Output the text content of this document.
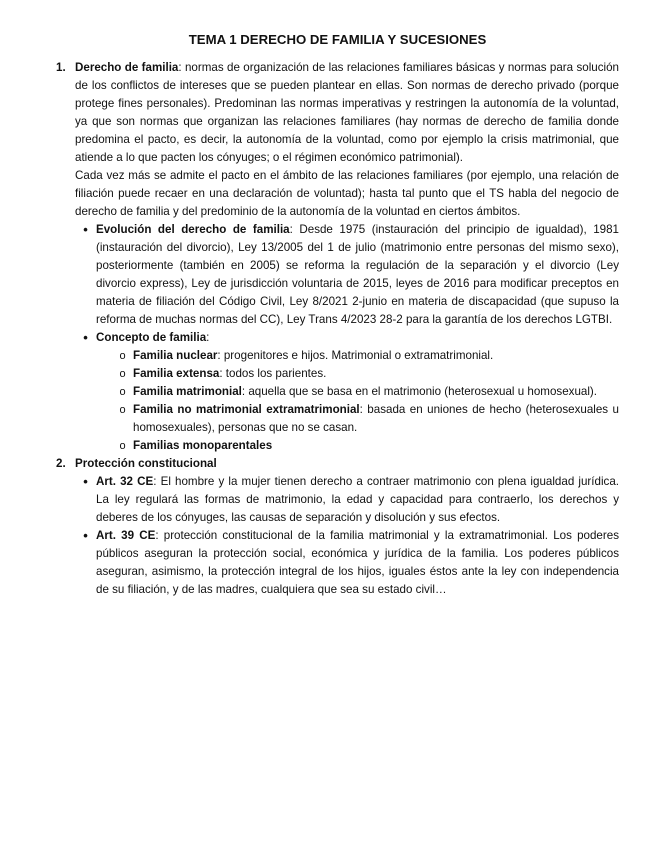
TEMA 1 DERECHO DE FAMILIA Y SUCESIONES
1. Derecho de familia: normas de organización de las relaciones familiares básicas y normas para solución de los conflictos de intereses que se pueden plantear en ellas. Son normas de derecho privado (porque protege fines personales). Predominan las normas imperativas y restringen la autonomía de la voluntad, ya que son normas que organizan las relaciones familiares (hay normas de derecho de familia donde predomina el pacto, es decir, la autonomía de la voluntad, como por ejemplo la crisis matrimonial, que atiende a lo que pacten los cónyuges; o el régimen económico patrimonial).

Cada vez más se admite el pacto en el ámbito de las relaciones familiares (por ejemplo, una relación de filiación puede recaer en una declaración de voluntad); hasta tal punto que el TS habla del negocio de derecho de familia y del predominio de la autonomía de la voluntad en ciertos ámbitos.

• Evolución del derecho de familia: Desde 1975 (instauración del principio de igualdad), 1981 (instauración del divorcio), Ley 13/2005 del 1 de julio (matrimonio entre personas del mismo sexo), posteriormente (también en 2005) se reforma la regulación de la separación y el divorcio (Ley divorcio express), Ley de jurisdicción voluntaria de 2015, leyes de 2016 para modificar preceptos en materia de filiación del Código Civil, Ley 8/2021 2-junio en materia de discapacidad (que supuso la reforma de muchas normas del CC), Ley Trans 4/2023 28-2 para la garantía de los derechos LGTBI.

• Concepto de familia:

o Familia nuclear: progenitores e hijos. Matrimonial o extramatrimonial.

o Familia extensa: todos los parientes.

o Familia matrimonial: aquella que se basa en el matrimonio (heterosexual u homosexual).

o Familia no matrimonial extramatrimonial: basada en uniones de hecho (heterosexuales u homosexuales), personas que no se casan.

o Familias monoparentales

2. Protección constitucional

• Art. 32 CE: El hombre y la mujer tienen derecho a contraer matrimonio con plena igualdad jurídica. La ley regulará las formas de matrimonio, la edad y capacidad para contraerlo, los derechos y deberes de los cónyuges, las causas de separación y disolución y sus efectos.

• Art. 39 CE: protección constitucional de la familia matrimonial y la extramatrimonial. Los poderes públicos aseguran la protección social, económica y jurídica de la familia. Los poderes públicos aseguran, asimismo, la protección integral de los hijos, iguales éstos ante la ley con independencia de su filiación, y de las madres, cualquiera que sea su estado civil…
